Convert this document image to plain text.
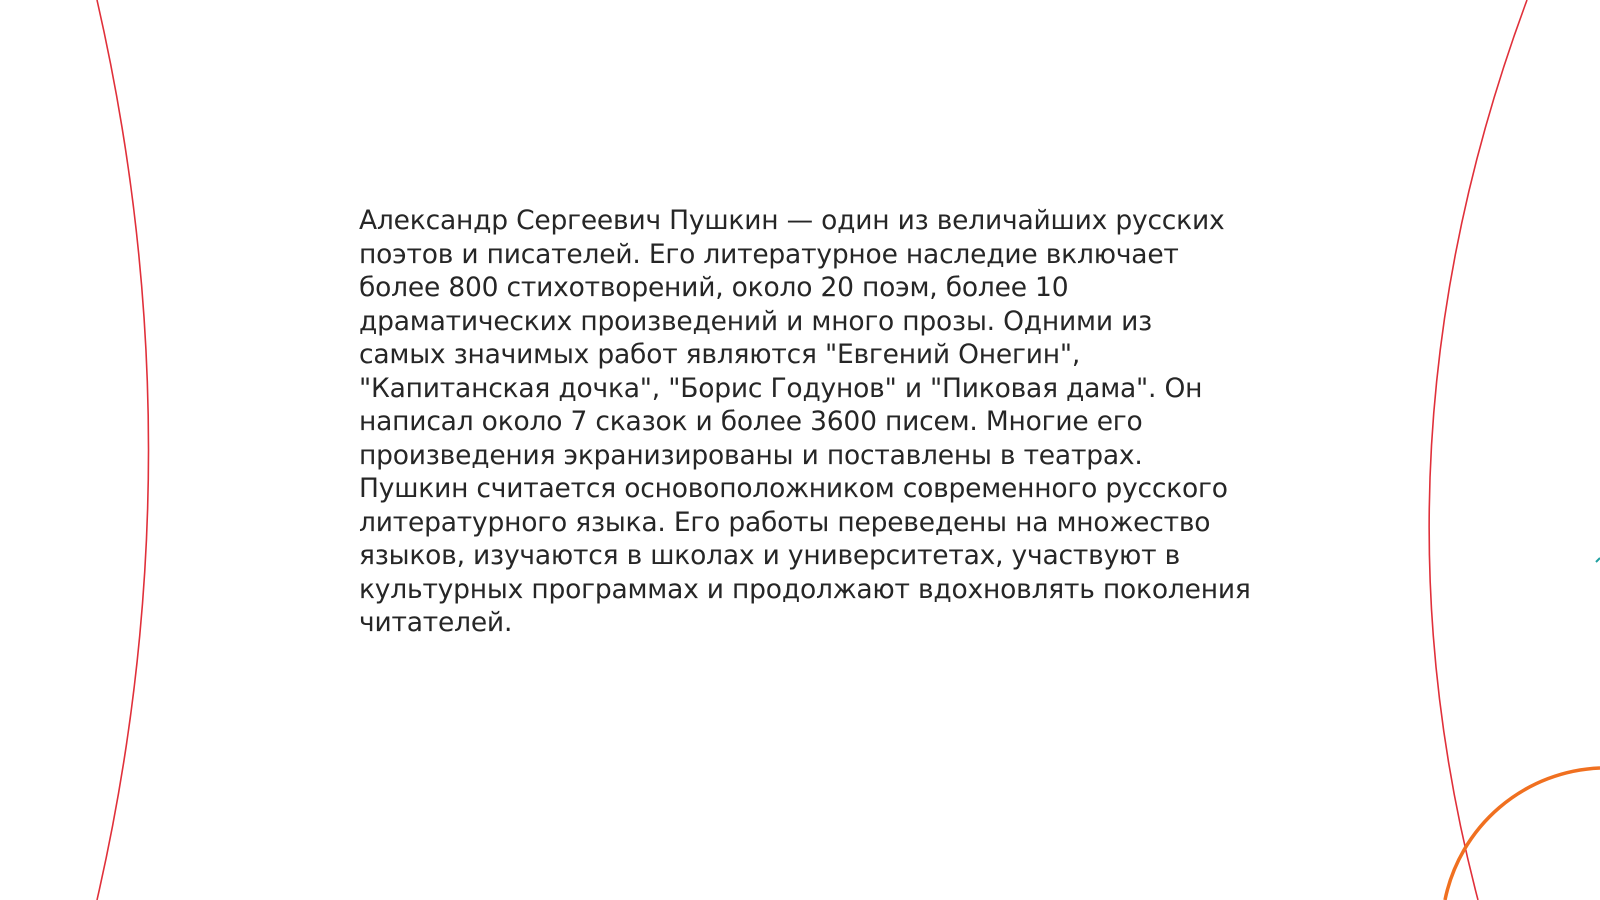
Александр Сергеевич Пушкин — один из величайших русских
поэтов и писателей. Его литературное наследие включает
более 800 стихотворений, около 20 поэм, более 10
драматических произведений и много прозы. Одними из
самых значимых работ являются "Евгений Онегин",
"Капитанская дочка", "Борис Годунов" и "Пиковая дама". Он
написал около 7 сказок и более 3600 писем. Многие его
произведения экранизированы и поставлены в театрах.
Пушкин считается основоположником современного русского
литературного языка. Его работы переведены на множество
языков, изучаются в школах и университетах, участвуют в
культурных программах и продолжают вдохновлять поколения
читателей.
